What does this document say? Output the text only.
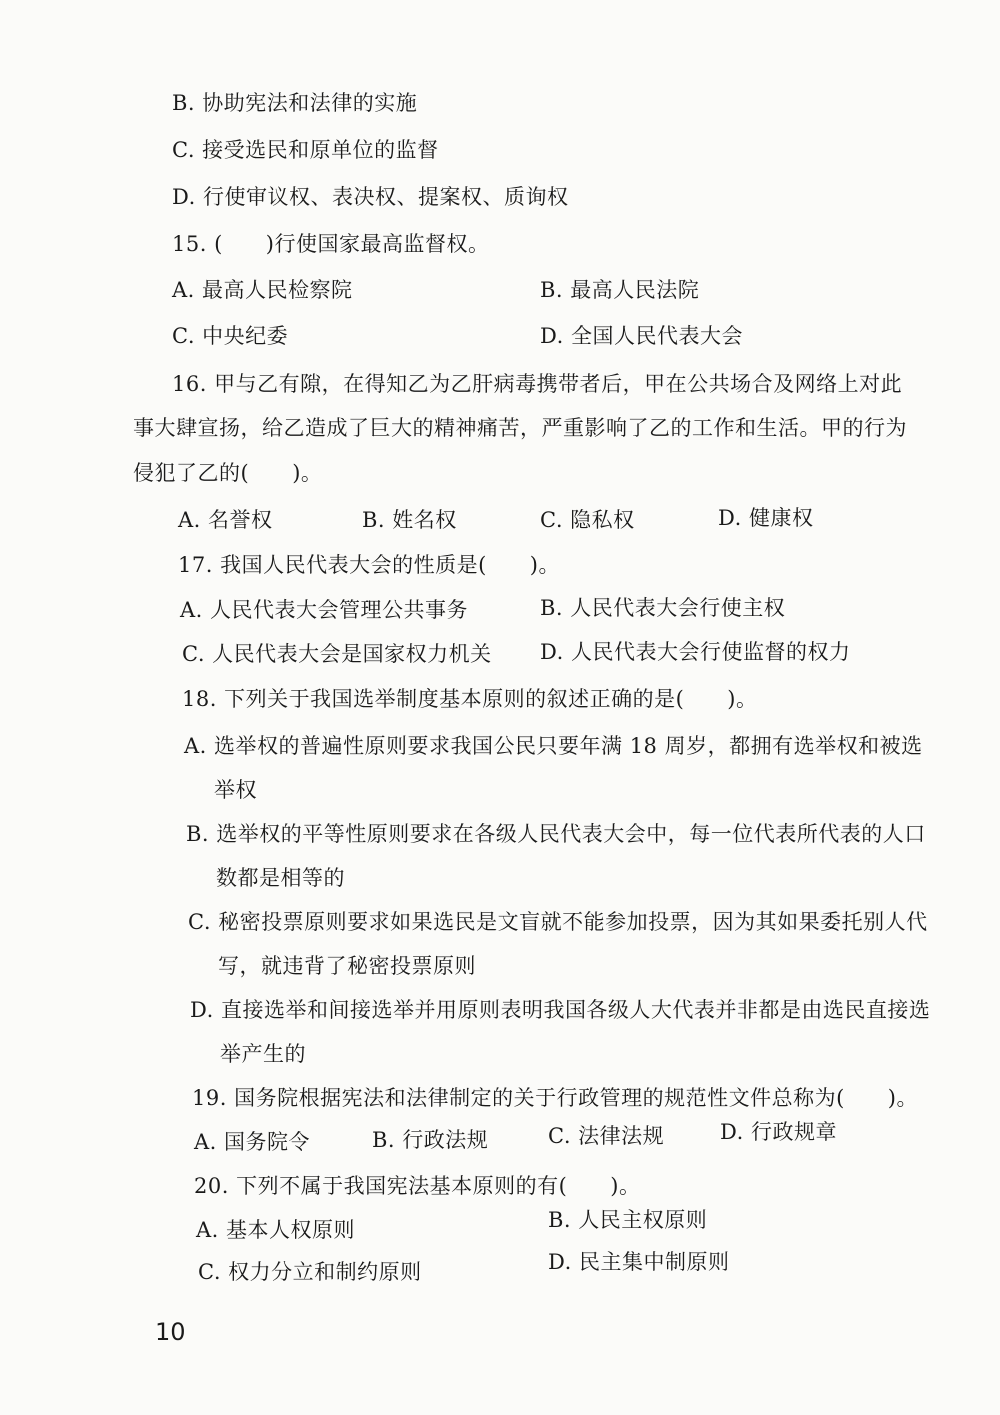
B. 协助宪法和法律的实施
C. 接受选民和原单位的监督
D. 行使审议权、表决权、提案权、质询权
15. (　　)行使国家最高监督权。
A. 最高人民检察院	B. 最高人民法院
C. 中央纪委	D. 全国人民代表大会
16. 甲与乙有隙，在得知乙为乙肝病毒携带者后，甲在公共场合及网络上对此
事大肆宣扬，给乙造成了巨大的精神痛苦，严重影响了乙的工作和生活。甲的行为
侵犯了乙的(　　)。
A. 名誉权	B. 姓名权	C. 隐私权	D. 健康权
17. 我国人民代表大会的性质是(　　)。
A. 人民代表大会管理公共事务	B. 人民代表大会行使主权
C. 人民代表大会是国家权力机关 D. 人民代表大会行使监督的权力
18. 下列关于我国选举制度基本原则的叙述正确的是(　　)。
A. 选举权的普遍性原则要求我国公民只要年满 18 周岁，都拥有选举权和被选
举权
B. 选举权的平等性原则要求在各级人民代表大会中，每一位代表所代表的人口
数都是相等的
C. 秘密投票原则要求如果选民是文盲就不能参加投票，因为其如果委托别人代
写，就违背了秘密投票原则
D. 直接选举和间接选举并用原则表明我国各级人大代表并非都是由选民直接选
举产生的
19. 国务院根据宪法和法律制定的关于行政管理的规范性文件总称为(　　)。
A. 国务院令	B. 行政法规	C. 法律法规	D. 行政规章
20. 下列不属于我国宪法基本原则的有(　　)。
A. 基本人权原则	B. 人民主权原则
C. 权力分立和制约原则	D. 民主集中制原则
10
